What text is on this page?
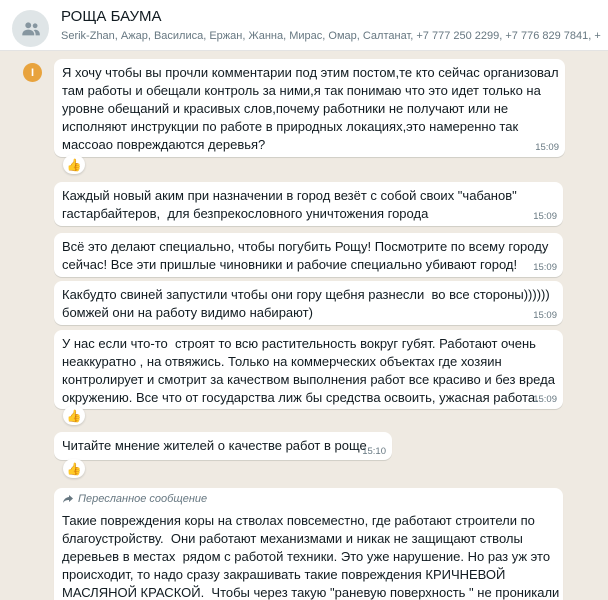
РОЩА БАУМА
Serik-Zhan, Ажар, Василиса, Ержан, Жанна, Мирас, Омар, Салтанат, +7 777 250 2299, +7 776 829 7841, +
I	Я хочу чтобы вы прочли комментарии под этим постом,те кто сейчас организовал
там работы и обещали контроль за ними,я так понимаю что это идет только на
уровне обещаний и красивых слов,почему работники не получают или не
исполняют инструкции по работе в природных локациях,это намеренно так
массоао повреждаются деревья?	15:09
👍
Каждый новый аким при назначении в город везёт с собой своих "чабанов"
гастарбайтеров,  для безпрекословного уничтожения города	15:09
Всё это делают специально, чтобы погубить Рощу! Посмотрите по всему городу
сейчас! Все эти пришлые чиновники и рабочие специально убивают город!	15:09
Какбудто свиней запустили чтобы они гору щебня разнесли  во все стороны))))))
бомжей они на работу видимо набирают)	15:09
У нас если что-то  строят то всю растительность вокруг губят. Работают очень
неаккуратно , на отвяжись. Только на коммерческих объектах где хозяин
контролирует и смотрит за качеством выполнения работ все красиво и без вреда
окружению. Все что от государства лиж бы средства освоить, ужасная работа.
15:09
👍
Читайте мнение жителей о качестве работ в роще
15:10
👍
Пересланное сообщение
Такие повреждения коры на стволах повсеместно, где работают строители по
благоустройству.  Они работают механизмами и никак не защищают стволы
деревьев в местах  рядом с работой техники. Это уже нарушение. Но раз уж это
происходит, то надо сразу закрашивать такие повреждения КРИЧНЕВОЙ
МАСЛЯНОЙ КРАСКОЙ.  Чтобы через такую "раневую поверхность " не проникали
